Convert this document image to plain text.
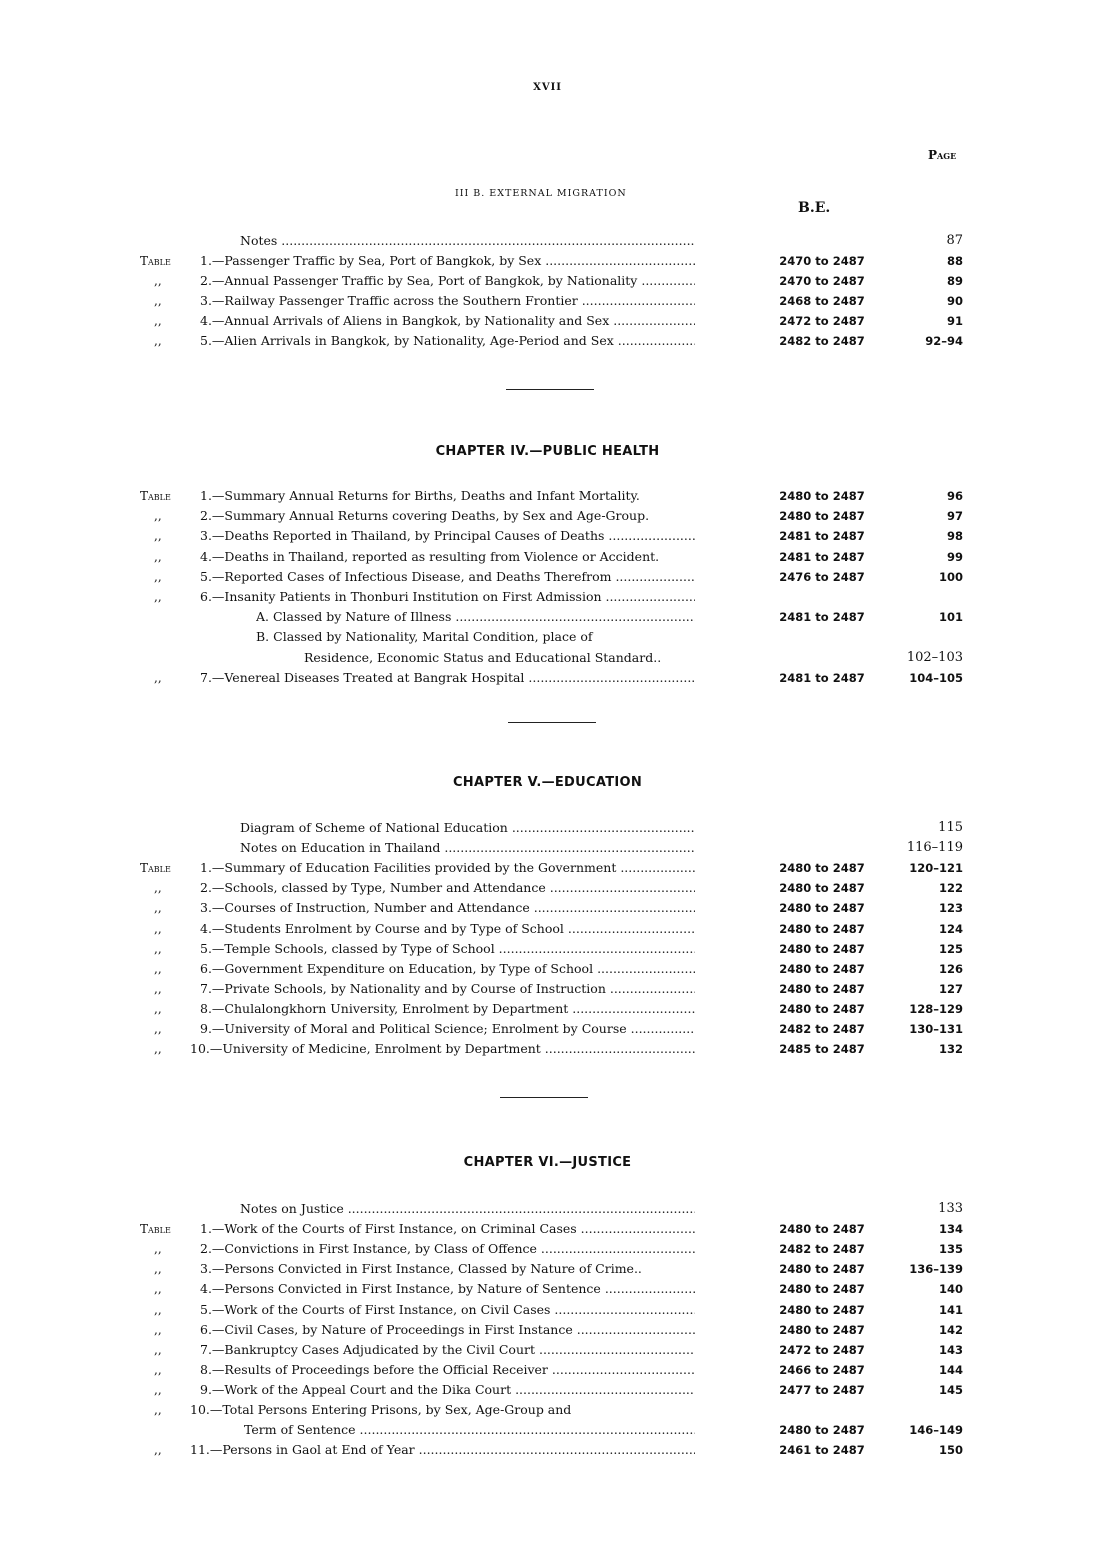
XVII
Page
III B. EXTERNAL MIGRATION
B.E.
Notes .....	87
Table 1.—Passenger Traffic by Sea, Port of Bangkok, by Sex .....	2470 to 2487	88
,,	2.—Annual Passenger Traffic by Sea, Port of Bangkok, by Nationality .....	2470 to 2487	89
,,	3.—Railway Passenger Traffic across the Southern Frontier .....	2468 to 2487	90
,,	4.—Annual Arrivals of Aliens in Bangkok, by Nationality and Sex .....	2472 to 2487	91
,,	5.—Alien Arrivals in Bangkok, by Nationality, Age-Period and Sex .....	2482 to 2487	92–94
CHAPTER IV.—PUBLIC HEALTH
Table 1.—Summary Annual Returns for Births, Deaths and Infant Mortality.	2480 to 2487	96
,,	2.—Summary Annual Returns covering Deaths, by Sex and Age-Group.	2480 to 2487	97
,,	3.—Deaths Reported in Thailand, by Principal Causes of Deaths .....	2481 to 2487	98
,,	4.—Deaths in Thailand, reported as resulting from Violence or Accident.	2481 to 2487	99
,,	5.—Reported Cases of Infectious Disease, and Deaths Therefrom .....	2476 to 2487	100
,,	6.—Insanity Patients in Thonburi Institution on First Admission .....
A. Classed by Nature of Illness .....	2481 to 2487	101
B. Classed by Nationality, Marital Condition, place of
Residence, Economic Status and Educational Standard..	102–103
,,	7.—Venereal Diseases Treated at Bangrak Hospital .....	2481 to 2487	104–105
CHAPTER V.—EDUCATION
Diagram of Scheme of National Education .....	115
Notes on Education in Thailand .....	116–119
Table 1.—Summary of Education Facilities provided by the Government .....	2480 to 2487	120–121
,,	2.—Schools, classed by Type, Number and Attendance .....	2480 to 2487	122
,,	3.—Courses of Instruction, Number and Attendance .....	2480 to 2487	123
,,	4.—Students Enrolment by Course and by Type of School .....	2480 to 2487	124
,,	5.—Temple Schools, classed by Type of School .....	2480 to 2487	125
,,	6.—Government Expenditure on Education, by Type of School .....	2480 to 2487	126
,,	7.—Private Schools, by Nationality and by Course of Instruction .....	2480 to 2487	127
,,	8.—Chulalongkhorn University, Enrolment by Department .....	2480 to 2487	128–129
,,	9.—University of Moral and Political Science; Enrolment by Course .....	2482 to 2487	130–131
,, 10.—University of Medicine, Enrolment by Department .....	2485 to 2487	132
CHAPTER VI.—JUSTICE
Notes on Justice .....	133
Table 1.—Work of the Courts of First Instance, on Criminal Cases .....	2480 to 2487	134
,,	2.—Convictions in First Instance, by Class of Offence .....	2482 to 2487	135
,,	3.—Persons Convicted in First Instance, Classed by Nature of Crime..	2480 to 2487	136–139
,,	4.—Persons Convicted in First Instance, by Nature of Sentence .....	2480 to 2487	140
,,	5.—Work of the Courts of First Instance, on Civil Cases .....	2480 to 2487	141
,,	6.—Civil Cases, by Nature of Proceedings in First Instance .....	2480 to 2487	142
,,	7.—Bankruptcy Cases Adjudicated by the Civil Court .....	2472 to 2487	143
,,	8.—Results of Proceedings before the Official Receiver .....	2466 to 2487	144
,,	9.—Work of the Appeal Court and the Dika Court .....	2477 to 2487	145
,, 10.—Total Persons Entering Prisons, by Sex, Age-Group and
Term of Sentence .....	2480 to 2487	146–149
,, 11.—Persons in Gaol at End of Year .....	2461 to 2487	150
